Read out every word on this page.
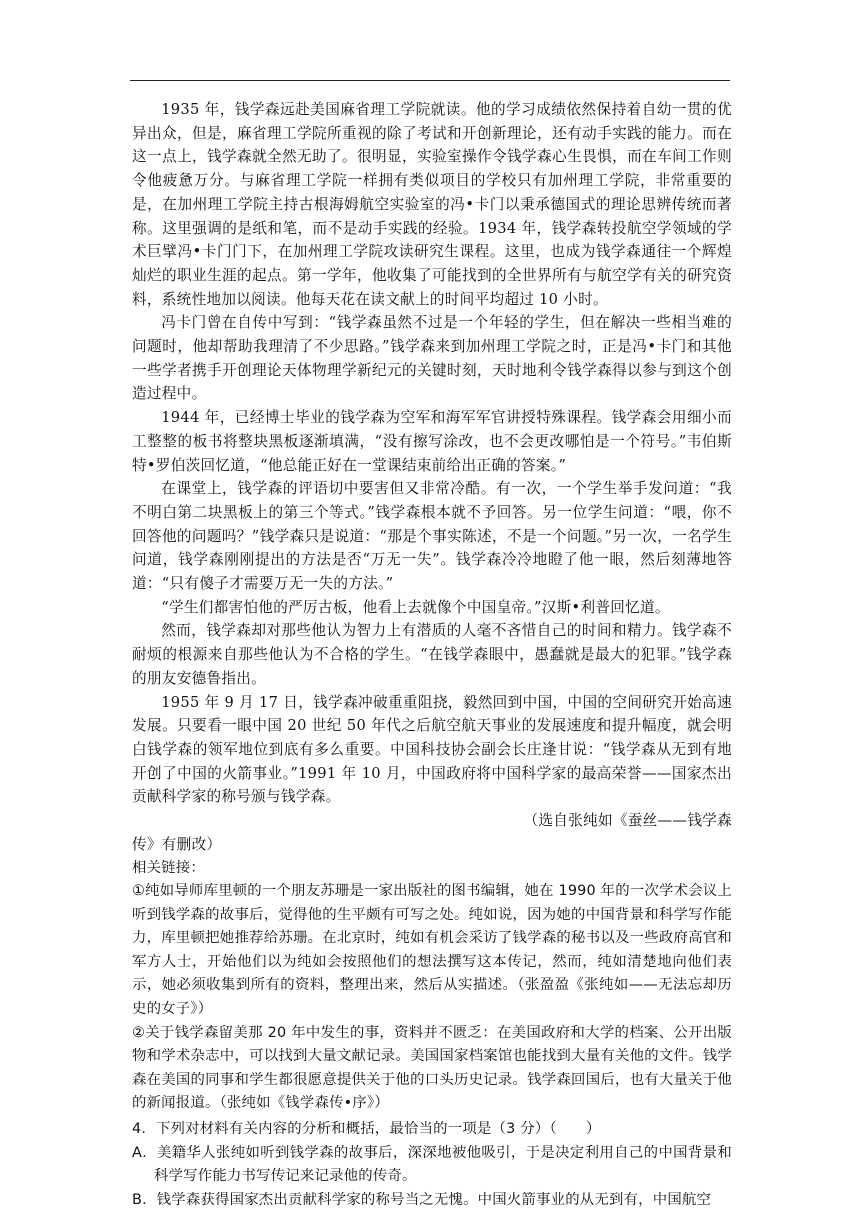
1935 年，钱学森远赴美国麻省理工学院就读。他的学习成绩依然保持着自幼一贯的优异出众，但是，麻省理工学院所重视的除了考试和开创新理论，还有动手实践的能力。而在这一点上，钱学森就全然无助了。很明显，实验室操作令钱学森心生畏惧，而在车间工作则令他疲惫万分。与麻省理工学院一样拥有类似项目的学校只有加州理工学院，非常重要的是，在加州理工学院主持古根海姆航空实验室的冯•卡门以秉承德国式的理论思辨传统而著称。这里强调的是纸和笔，而不是动手实践的经验。1934 年，钱学森转投航空学领域的学术巨擘冯•卡门门下，在加州理工学院攻读研究生课程。这里，也成为钱学森通往一个辉煌灿烂的职业生涯的起点。第一学年，他收集了可能找到的全世界所有与航空学有关的研究资料，系统性地加以阅读。他每天花在读文献上的时间平均超过 10 小时。

冯卡门曾在自传中写到：“钱学森虽然不过是一个年轻的学生，但在解决一些相当难的问题时，他却帮助我理清了不少思路。”钱学森来到加州理工学院之时，正是冯•卡门和其他一些学者携手开创理论天体物理学新纪元的关键时刻，天时地利令钱学森得以参与到这个创造过程中。

1944 年，已经博士毕业的钱学森为空军和海军军官讲授特殊课程。钱学森会用细小而工整整的板书将整块黑板逐渐填满，“没有擦写涂改，也不会更改哪怕是一个符号。”韦伯斯特•罗伯茨回忆道，“他总能正好在一堂课结束前给出正确的答案。”

在课堂上，钱学森的评语切中要害但又非常冷酷。有一次，一个学生举手发问道：“我不明白第二块黑板上的第三个等式。”钱学森根本就不予回答。另一位学生问道：“喂，你不回答他的问题吗？”钱学森只是说道：“那是个事实陈述，不是一个问题。”另一次，一名学生问道，钱学森刚刚提出的方法是否“万无一失”。钱学森冷冷地瞪了他一眼，然后刻薄地答道：“只有傻子才需要万无一失的方法。”

“学生们都害怕他的严厉古板，他看上去就像个中国皇帝。”汉斯•利普回忆道。

然而，钱学森却对那些他认为智力上有潜质的人毫不吝惜自己的时间和精力。钱学森不耐烦的根源来自那些他认为不合格的学生。“在钱学森眼中，愚蠢就是最大的犯罪。”钱学森的朋友安德鲁指出。

1955 年 9 月 17 日，钱学森冲破重重阻挠，毅然回到中国，中国的空间研究开始高速发展。只要看一眼中国 20 世纪 50 年代之后航空航天事业的发展速度和提升幅度，就会明白钱学森的领军地位到底有多么重要。中国科技协会副会长庄逢甘说：“钱学森从无到有地开创了中国的火箭事业。”1991 年 10 月，中国政府将中国科学家的最高荣誉——国家杰出贡献科学家的称号颁与钱学森。

（选自张纯如《蚕丝——钱学森

传》有删改）

相关链接：

①纯如导师库里顿的一个朋友苏珊是一家出版社的图书编辑，她在 1990 年的一次学术会议上听到钱学森的故事后，觉得他的生平颇有可写之处。纯如说，因为她的中国背景和科学写作能力，库里顿把她推荐给苏珊。在北京时，纯如有机会采访了钱学森的秘书以及一些政府高官和军方人士，开始他们以为纯如会按照他们的想法撰写这本传记，然而，纯如清楚地向他们表示，她必须收集到所有的资料，整理出来，然后从实描述。（张盈盈《张纯如——无法忘却历史的女子》）

②关于钱学森留美那 20 年中发生的事，资料并不匮乏：在美国政府和大学的档案、公开出版物和学术杂志中，可以找到大量文献记录。美国国家档案馆也能找到大量有关他的文件。钱学森在美国的同事和学生都很愿意提供关于他的口头历史记录。钱学森回国后，也有大量关于他的新闻报道。（张纯如《钱学森传•序》）

4．下列对材料有关内容的分析和概括，最恰当的一项是（3 分）（　　）

A．美籍华人张纯如听到钱学森的故事后，深深地被他吸引，于是决定利用自己的中国背景和科学写作能力书写传记来记录他的传奇。

B．钱学森获得国家杰出贡献科学家的称号当之无愧。中国火箭事业的从无到有，中国航空
